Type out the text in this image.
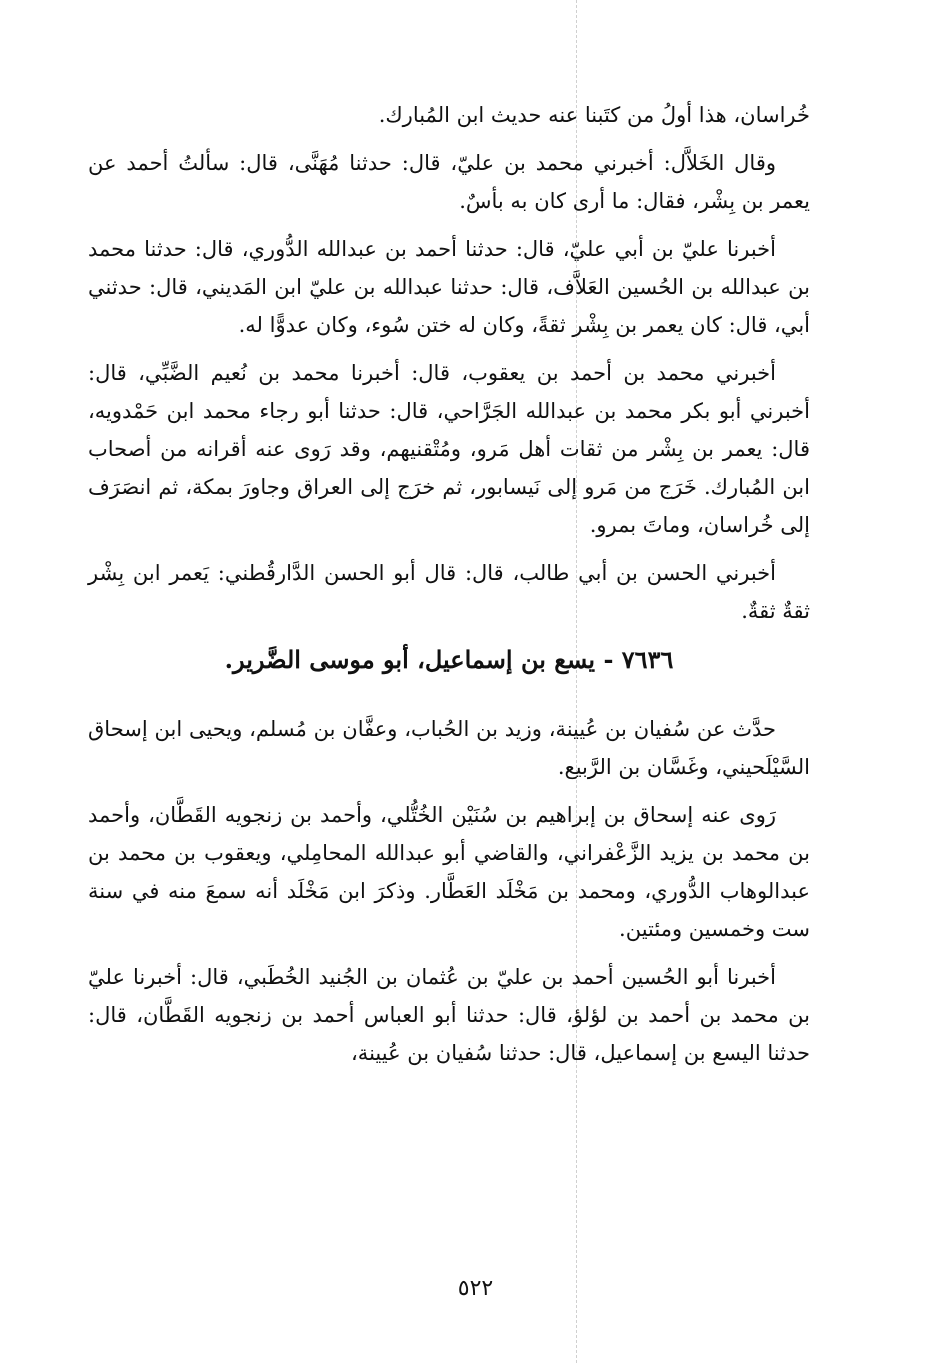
خُراسان، هذا أولُ من كتَبنا عنه حديث ابن المُبارك.

وقال الخَلاَّل: أخبرني محمد بن عليّ، قال: حدثنا مُهَنَّى، قال: سألتُ أحمد عن يعمر بن بِشْر، فقال: ما أرى كان به بأسٌ.

أخبرنا عليّ بن أبي عليّ، قال: حدثنا أحمد بن عبدالله الدُّوري، قال: حدثنا محمد بن عبدالله بن الحُسين العَلاَّف، قال: حدثنا عبدالله بن عليّ ابن المَديني، قال: حدثني أبي، قال: كان يعمر بن بِشْر ثقةً، وكان له ختن سُوء، وكان عدوًّا له.

أخبرني محمد بن أحمد بن يعقوب، قال: أخبرنا محمد بن نُعيم الضَّبِّي، قال: أخبرني أبو بكر محمد بن عبدالله الجَرَّاحي، قال: حدثنا أبو رجاء محمد ابن حَمْدويه، قال: يعمر بن بِشْر من ثقات أهل مَرو، ومُتْقنيهم، وقد رَوى عنه أقرانه من أصحاب ابن المُبارك. خَرَج من مَرو إلى نَيسابور، ثم خرَج إلى العراق وجاورَ بمكة، ثم انصَرَف إلى خُراسان، وماتَ بمرو.

أخبرني الحسن بن أبي طالب، قال: قال أبو الحسن الدَّارقُطني: يَعمر ابن بِشْر ثقةٌ ثقةٌ.

٧٦٣٦ - يسع بن إسماعيل، أبو موسى الضَّرير.

حدَّث عن سُفيان بن عُيينة، وزيد بن الحُباب، وعفَّان بن مُسلم، ويحيى ابن إسحاق السَّيْلَحيني، وغَسَّان بن الرَّبيع.

رَوى عنه إسحاق بن إبراهيم بن سُنَيْن الخُتُّلي، وأحمد بن زنجويه القَطَّان، وأحمد بن محمد بن يزيد الزَّعْفراني، والقاضي أبو عبدالله المحامِلي، ويعقوب بن محمد بن عبدالوهاب الدُّوري، ومحمد بن مَخْلَد العَطَّار. وذكرَ ابن مَخْلَد أنه سمعَ منه في سنة ست وخمسين ومئتين.

أخبرنا أبو الحُسين أحمد بن عليّ بن عُثمان بن الجُنيد الخُطَبي، قال: أخبرنا عليّ بن محمد بن أحمد بن لؤلؤ، قال: حدثنا أبو العباس أحمد بن زنجويه القَطَّان، قال: حدثنا اليسع بن إسماعيل، قال: حدثنا سُفيان بن عُيينة،

٥٢٢
